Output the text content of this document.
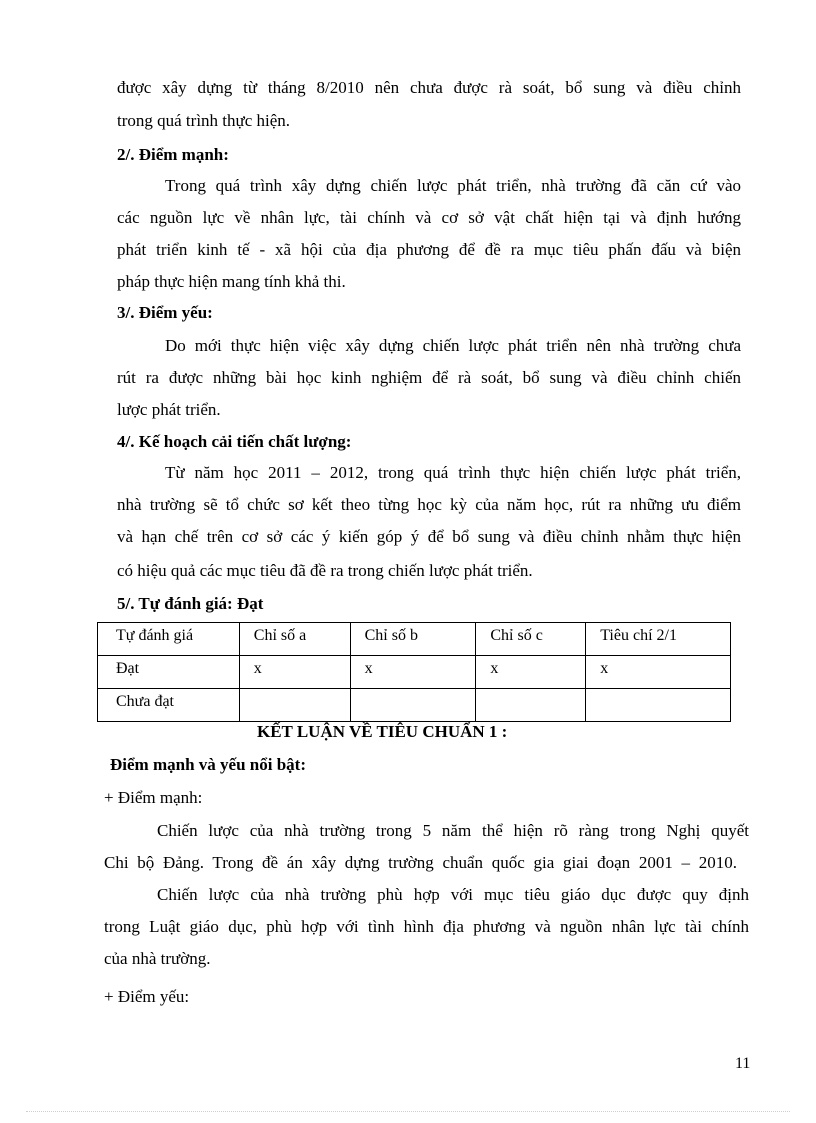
được xây dựng từ tháng 8/2010 nên chưa được rà soát, bổ sung và điều chỉnh
trong quá trình thực hiện.
2/. Điểm mạnh:
Trong quá trình xây dựng chiến lược phát triển, nhà trường đã căn cứ vào
các nguồn lực về nhân lực, tài chính và cơ sở vật chất hiện tại và định hướng
phát triển kinh tế - xã hội của địa phương để đề ra mục tiêu phấn đấu và biện
pháp thực hiện mang tính khả thi.
3/. Điểm yếu:
Do mới thực hiện việc xây dựng chiến lược phát triển nên nhà trường chưa
rút ra được những bài học kinh nghiệm để rà soát, bổ sung và điều chỉnh chiến
lược phát triển.
4/. Kế hoạch cải tiến chất lượng:
Từ năm học 2011 – 2012, trong quá trình thực hiện chiến lược phát triển,
nhà trường sẽ tổ chức sơ kết theo từng học kỳ của năm học, rút ra những ưu điểm
và hạn chế trên cơ sở các ý kiến góp ý để bổ sung và điều chỉnh nhằm thực hiện
có hiệu quả các mục tiêu đã đề ra trong chiến lược phát triển.
5/. Tự đánh giá: Đạt
Tự đánh giá	Chỉ số a	Chỉ số b	Chỉ số c	Tiêu chí 2/1
Đạt	x	x	x	x
Chưa đạt				
KẾT LUẬN VỀ TIÊU CHUẨN 1 :
Điểm mạnh và yếu nổi bật:
+ Điểm mạnh:
Chiến lược của nhà trường trong 5 năm thể hiện rõ ràng trong Nghị quyết
Chi bộ Đảng. Trong đề án xây dựng trường chuẩn quốc gia giai đoạn 2001 – 2010.
Chiến lược của nhà trường phù hợp với mục tiêu giáo dục được quy định
trong Luật giáo dục, phù hợp với tình hình địa phương và nguồn nhân lực tài chính
của nhà trường.
+ Điểm yếu:
11
